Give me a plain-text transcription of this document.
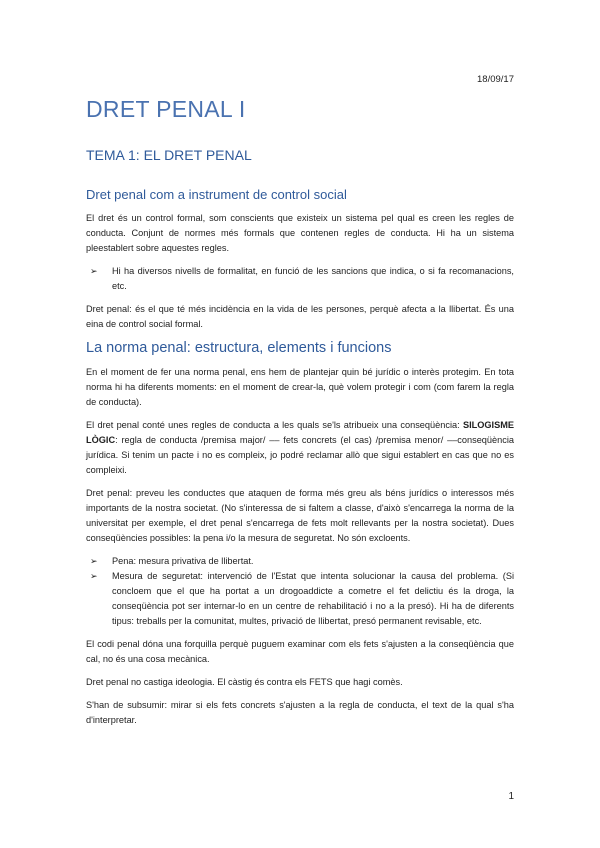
18/09/17
DRET PENAL I
TEMA 1: EL DRET PENAL
Dret penal com a instrument de control social

El dret és un control formal, som conscients que existeix un sistema pel qual es creen les regles de conducta. Conjunt de normes més formals que contenen regles de conducta. Hi ha un sistema pleestablert sobre aquestes regles.

➢	Hi ha diversos nivells de formalitat, en funció de les sancions que indica, o si fa recomanacions, etc.

Dret penal: és el que té més incidència en la vida de les persones, perquè afecta a la llibertat. És una eina de control social formal.

La norma penal: estructura, elements i funcions

En el moment de fer una norma penal, ens hem de plantejar quin bé jurídic o interès protegim. En tota norma hi ha diferents moments: en el moment de crear-la, què volem protegir i com (com farem la regla de conducta).

El dret penal conté unes regles de conducta a les quals se'ls atribueix una conseqüència: SILOGISME LÒGIC: regla de conducta /premisa major/ –– fets concrets (el cas) /premisa menor/ ––conseqüència jurídica. Si tenim un pacte i no es compleix, jo podré reclamar allò que sigui establert en cas que no es compleixi.

Dret penal: preveu les conductes que ataquen de forma més greu als béns jurídics o interessos més importants de la nostra societat. (No s'interessa de si faltem a classe, d'això s'encarrega la norma de la universitat per exemple, el dret penal s'encarrega de fets molt rellevants per la nostra societat). Dues conseqüències possibles: la pena i/o la mesura de seguretat. No són excloents.

➢	Pena: mesura privativa de llibertat.
➢	Mesura de seguretat: intervenció de l'Estat que intenta solucionar la causa del problema. (Si concloem que el que ha portat a un drogoaddicte a cometre el fet delictiu és la droga, la conseqüència pot ser internar-lo en un centre de rehabilitació i no a la presó). Hi ha de diferents tipus: treballs per la comunitat, multes, privació de llibertat, presó permanent revisable, etc.

El codi penal dóna una forquilla perquè puguem examinar com els fets s'ajusten a la conseqüència que cal, no és una cosa mecànica.

Dret penal no castiga ideologia. El càstig és contra els FETS que hagi comès.

S'han de subsumir: mirar si els fets concrets s'ajusten a la regla de conducta, el text de la qual s'ha d'interpretar.

1
